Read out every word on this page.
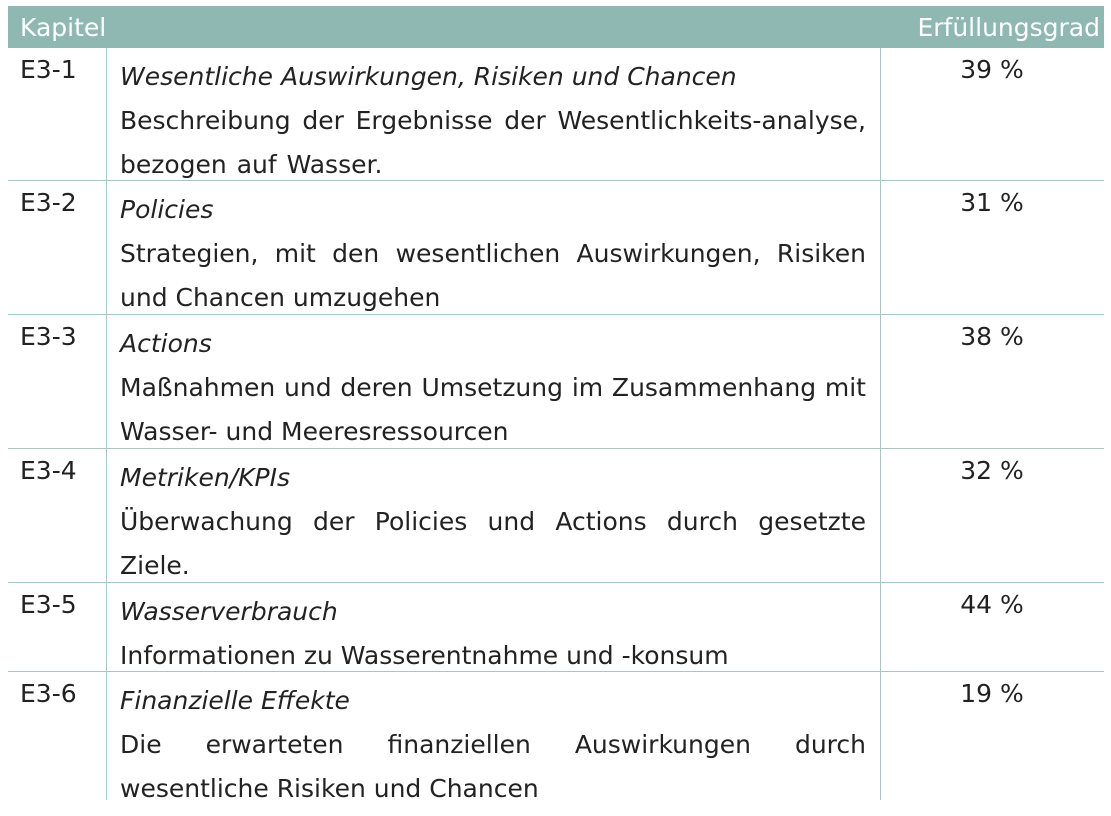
Kapitel	Erfüllungsgrad
E3-1 Wesentliche Auswirkungen, Risiken und Chancen
Beschreibung der Ergebnisse der Wesentlichkeits-analyse, bezogen auf Wasser.
39 %
E3-2 Policies
Strategien, mit den wesentlichen Auswirkungen, Risiken und Chancen umzugehen
31 %
E3-3 Actions
Maßnahmen und deren Umsetzung im Zusammenhang mit Wasser- und Meeresressourcen
38 %
E3-4 Metriken/KPIs
Überwachung der Policies und Actions durch gesetzte Ziele.
32 %
E3-5 Wasserverbrauch
Informationen zu Wasserentnahme und -konsum
44 %
E3-6 Finanzielle Effekte
Die erwarteten finanziellen Auswirkungen durch wesentliche Risiken und Chancen
19 %
